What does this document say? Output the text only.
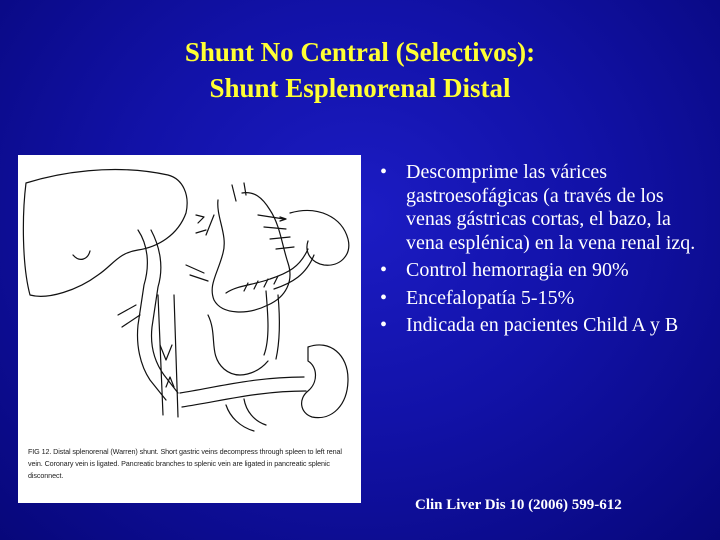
Shunt No Central (Selectivos):
Shunt Esplenorenal Distal
FIG 12. Distal splenorenal (Warren) shunt. Short gastric veins decompress through spleen to left renal vein. Coronary vein is ligated. Pancreatic branches to splenic vein are ligated in pancreatic splenic disconnect.
• Descomprime las várices gastroesofágicas (a través de los venas gástricas cortas, el bazo, la vena esplénica) en la vena renal izq.
• Control hemorragia en 90%
• Encefalopatía 5-15%
• Indicada en pacientes Child A y B
Clin Liver Dis 10 (2006) 599-612
